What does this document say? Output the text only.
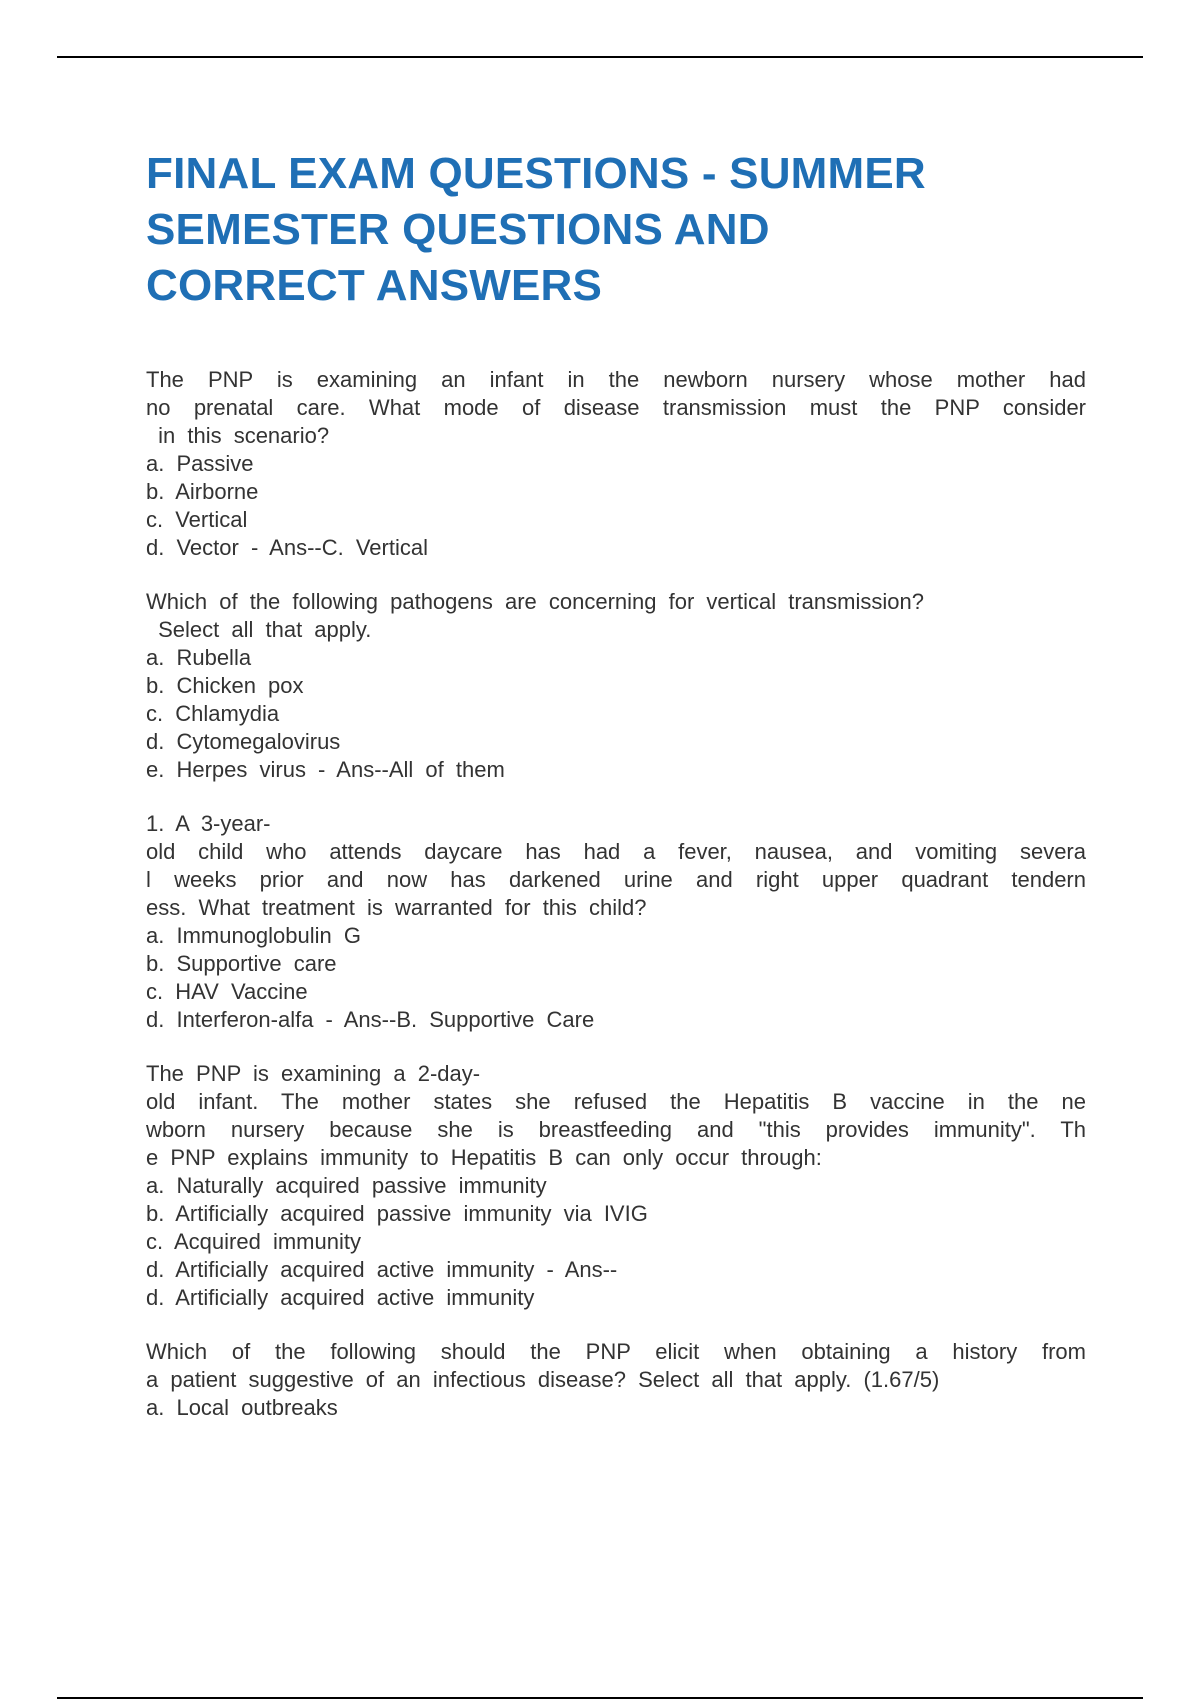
FINAL EXAM QUESTIONS - SUMMER
SEMESTER QUESTIONS AND
CORRECT ANSWERS
The PNP is examining an infant in the newborn nursery whose mother had
no prenatal care. What mode of disease transmission must the PNP consider
in this scenario?
a. Passive
b. Airborne
c. Vertical
d. Vector - Ans--C. Vertical
Which of the following pathogens are concerning for vertical transmission?
Select all that apply.
a. Rubella
b. Chicken pox
c. Chlamydia
d. Cytomegalovirus
e. Herpes virus - Ans--All of them
1. A 3-year-
old child who attends daycare has had a fever, nausea, and vomiting severa
l weeks prior and now has darkened urine and right upper quadrant tendern
ess. What treatment is warranted for this child?
a. Immunoglobulin G
b. Supportive care
c. HAV Vaccine
d. Interferon-alfa - Ans--B. Supportive Care
The PNP is examining a 2-day-
old infant. The mother states she refused the Hepatitis B vaccine in the ne
wborn nursery because she is breastfeeding and "this provides immunity". Th
e PNP explains immunity to Hepatitis B can only occur through:
a. Naturally acquired passive immunity
b. Artificially acquired passive immunity via IVIG
c. Acquired immunity
d. Artificially acquired active immunity - Ans--
d. Artificially acquired active immunity
Which of the following should the PNP elicit when obtaining a history from
a patient suggestive of an infectious disease? Select all that apply. (1.67/5)
a. Local outbreaks
